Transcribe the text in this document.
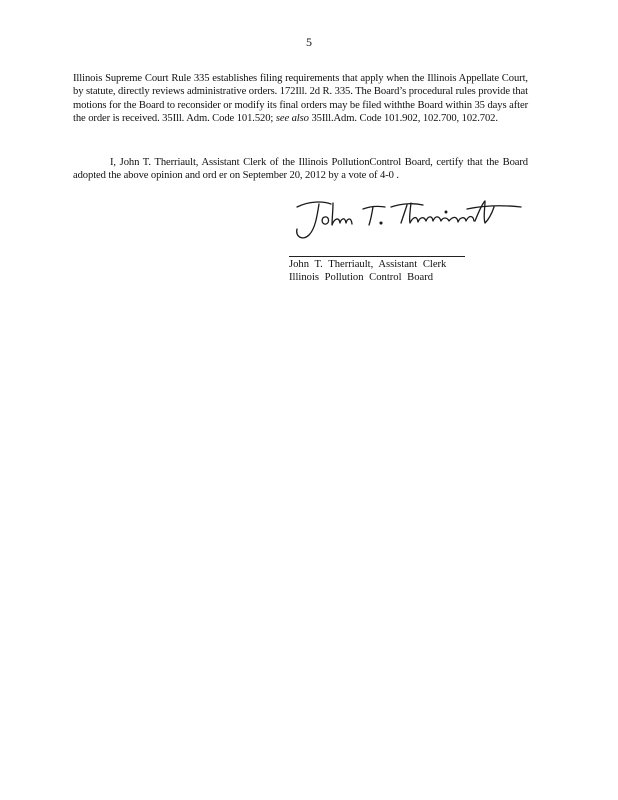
5
Illinois Supreme Court Rule 335 establishes filing requirements that apply when the Illinois Appellate Court, by statute, directly reviews administrative orders. 172Ill. 2d R. 335. The Board’s procedural rules provide that motions for the Board to reconsider or modify its final orders may be filed withthe Board within 35 days after the order is received. 35Ill. Adm. Code 101.520; see also 35Ill.Adm. Code 101.902, 102.700, 102.702.
I, John T. Therriault, Assistant Clerk of the Illinois PollutionControl Board, certify that the Board adopted the above opinion and ord er on September 20, 2012 by a vote of 4-0 .
John T. Therriault, Assistant Clerk
Illinois Pollution Control Board
